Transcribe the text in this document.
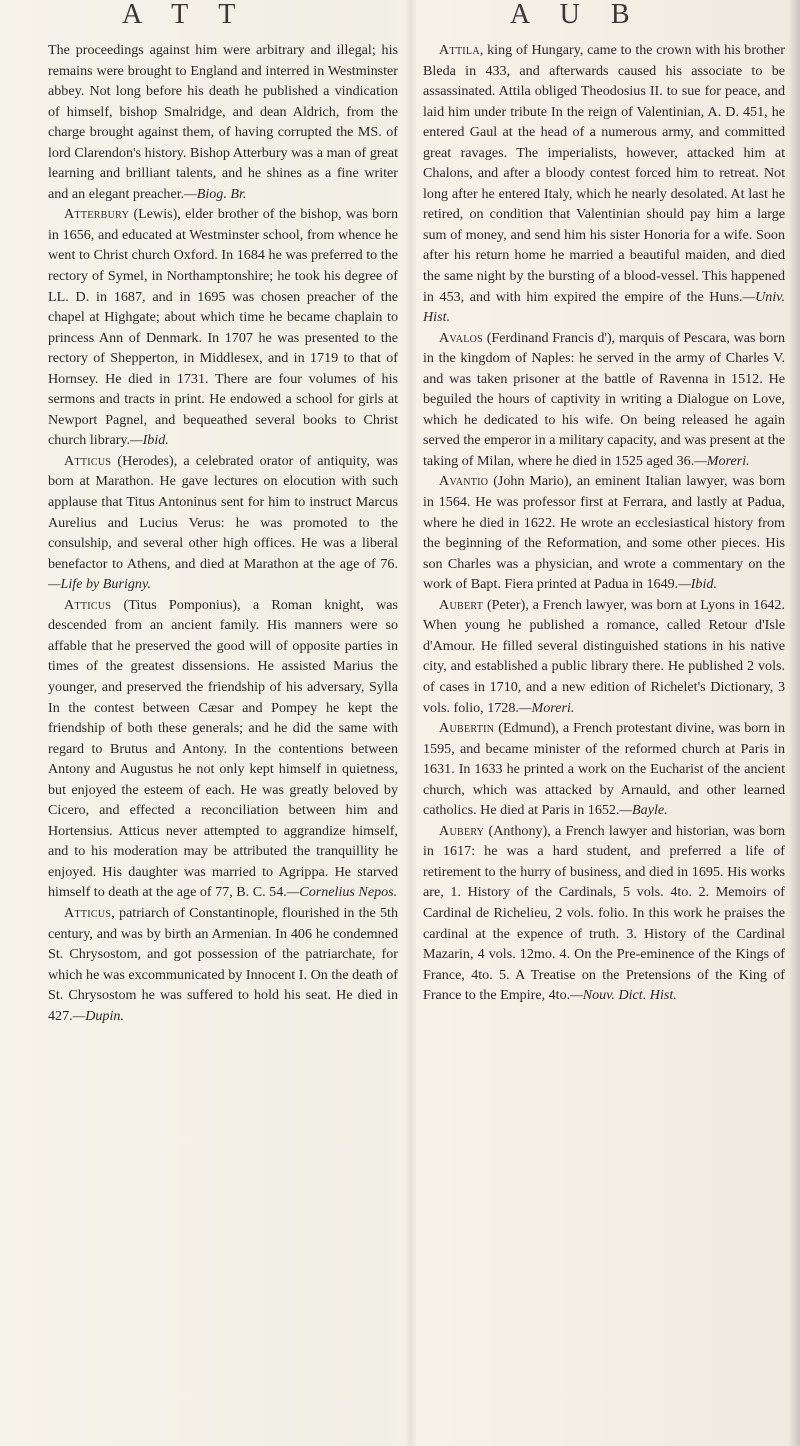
A T T	A U B

The proceedings against him were arbitrary and illegal; his remains were brought to England and interred in Westminster abbey. Not long before his death he published a vindication of himself, bishop Smalridge, and dean Aldrich, from the charge brought against them, of having corrupted the MS. of lord Clarendon's history. Bishop Atterbury was a man of great learning and brilliant talents, and he shines as a fine writer and an elegant preacher.—Biog. Br.

Atterbury (Lewis), elder brother of the bishop, was born in 1656, and educated at Westminster school, from whence he went to Christ church Oxford. In 1684 he was preferred to the rectory of Symel, in Northamptonshire; he took his degree of LL. D. in 1687, and in 1695 was chosen preacher of the chapel at Highgate; about which time he became chaplain to princess Ann of Denmark. In 1707 he was presented to the rectory of Shepperton, in Middlesex, and in 1719 to that of Hornsey. He died in 1731. There are four volumes of his sermons and tracts in print. He endowed a school for girls at Newport Pagnel, and bequeathed several books to Christ church library.—Ibid.

Atticus (Herodes), a celebrated orator of antiquity, was born at Marathon. He gave lectures on elocution with such applause that Titus Antoninus sent for him to instruct Marcus Aurelius and Lucius Verus: he was promoted to the consulship, and several other high offices. He was a liberal benefactor to Athens, and died at Marathon at the age of 76.—Life by Burigny.

Atticus (Titus Pomponius), a Roman knight, was descended from an ancient family. His manners were so affable that he preserved the good will of opposite parties in times of the greatest dissensions. He assisted Marius the younger, and preserved the friendship of his adversary, Sylla In the contest between Cæsar and Pompey he kept the friendship of both these generals; and he did the same with regard to Brutus and Antony. In the contentions between Antony and Augustus he not only kept himself in quietness, but enjoyed the esteem of each. He was greatly beloved by Cicero, and effected a reconciliation between him and Hortensius. Atticus never attempted to aggrandize himself, and to his moderation may be attributed the tranquillity he enjoyed. His daughter was married to Agrippa. He starved himself to death at the age of 77, B. C. 54.—Cornelius Nepos.

Atticus, patriarch of Constantinople, flourished in the 5th century, and was by birth an Armenian. In 406 he condemned St. Chrysostom, and got possession of the patriarchate, for which he was excommunicated by Innocent I. On the death of St. Chrysostom he was suffered to hold his seat. He died in 427.—Dupin.

Attila, king of Hungary, came to the crown with his brother Bleda in 433, and afterwards caused his associate to be assassinated. Attila obliged Theodosius II. to sue for peace, and laid him under tribute In the reign of Valentinian, A. D. 451, he entered Gaul at the head of a numerous army, and committed great ravages. The imperialists, however, attacked him at Chalons, and after a bloody contest forced him to retreat. Not long after he entered Italy, which he nearly desolated. At last he retired, on condition that Valentinian should pay him a large sum of money, and send him his sister Honoria for a wife. Soon after his return home he married a beautiful maiden, and died the same night by the bursting of a blood-vessel. This happened in 453, and with him expired the empire of the Huns.—Univ. Hist.

Avalos (Ferdinand Francis d'), marquis of Pescara, was born in the kingdom of Naples: he served in the army of Charles V. and was taken prisoner at the battle of Ravenna in 1512. He beguiled the hours of captivity in writing a Dialogue on Love, which he dedicated to his wife. On being released he again served the emperor in a military capacity, and was present at the taking of Milan, where he died in 1525 aged 36.—Moreri.

Avantio (John Mario), an eminent Italian lawyer, was born in 1564. He was professor first at Ferrara, and lastly at Padua, where he died in 1622. He wrote an ecclesiastical history from the beginning of the Reformation, and some other pieces. His son Charles was a physician, and wrote a commentary on the work of Bapt. Fiera printed at Padua in 1649.—Ibid.

Aubert (Peter), a French lawyer, was born at Lyons in 1642. When young he published a romance, called Retour d'Isle d'Amour. He filled several distinguished stations in his native city, and established a public library there. He published 2 vols. of cases in 1710, and a new edition of Richelet's Dictionary, 3 vols. folio, 1728.—Moreri.

Aubertin (Edmund), a French protestant divine, was born in 1595, and became minister of the reformed church at Paris in 1631. In 1633 he printed a work on the Eucharist of the ancient church, which was attacked by Arnauld, and other learned catholics. He died at Paris in 1652.—Bayle.

Aubery (Anthony), a French lawyer and historian, was born in 1617: he was a hard student, and preferred a life of retirement to the hurry of business, and died in 1695. His works are, 1. History of the Cardinals, 5 vols. 4to. 2. Memoirs of Cardinal de Richelieu, 2 vols. folio. In this work he praises the cardinal at the expence of truth. 3. History of the Cardinal Mazarin, 4 vols. 12mo. 4. On the Pre-eminence of the Kings of France, 4to. 5. A Treatise on the Pretensions of the King of France to the Empire, 4to.—Nouv. Dict. Hist.
